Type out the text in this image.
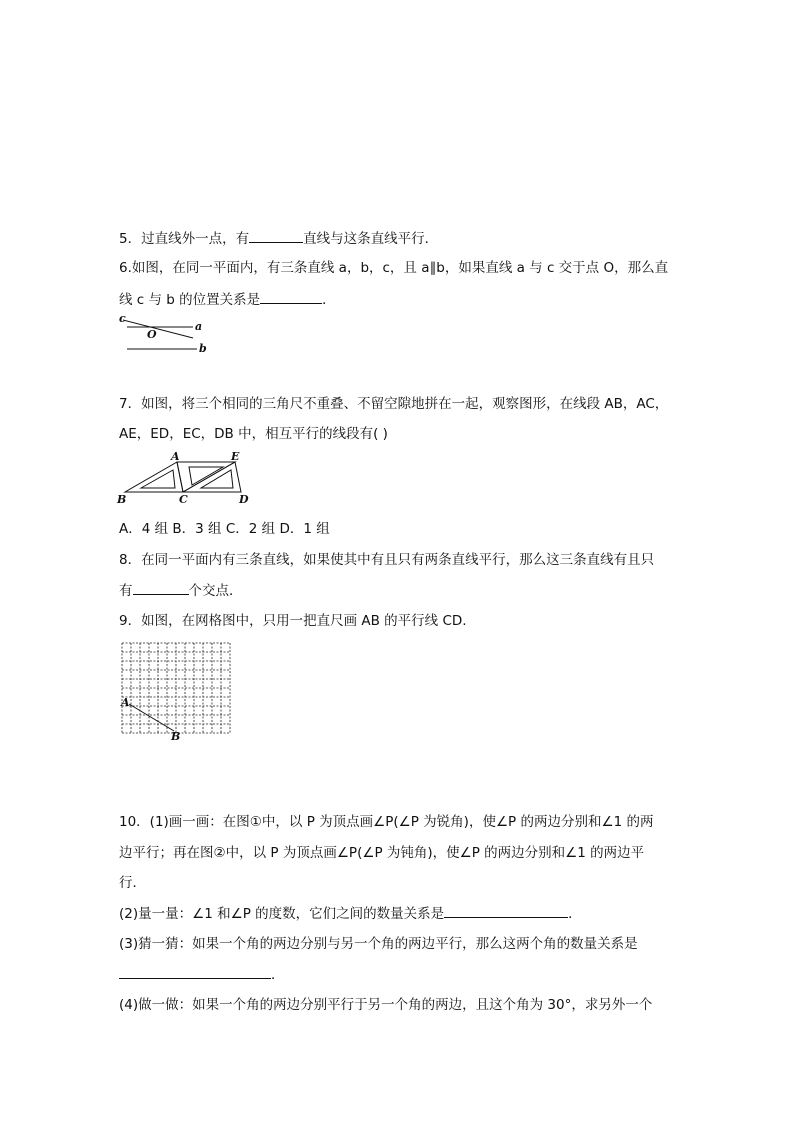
5．过直线外一点，有	直线与这条直线平行．
6.如图，在同一平面内，有三条直线 a，b，c，且 a∥b，如果直线 a 与 c 交于点 O，那么直
线 c 与 b 的位置关系是	．
c
a
O
b
7．如图，将三个相同的三角尺不重叠、不留空隙地拼在一起，观察图形，在线段 AB，AC，
AE，ED，EC，DB 中，相互平行的线段有( )
A	E
B	C	D
A．4 组 B．3 组 C．2 组 D．1 组
8．在同一平面内有三条直线，如果使其中有且只有两条直线平行，那么这三条直线有且只
有	个交点．
9．如图，在网格图中，只用一把直尺画 AB 的平行线 CD.
A
B
10．(1)画一画：在图①中，以 P 为顶点画∠P(∠P 为锐角)，使∠P 的两边分别和∠1 的两
边平行；再在图②中，以 P 为顶点画∠P(∠P 为钝角)，使∠P 的两边分别和∠1 的两边平
行．
(2)量一量：∠1 和∠P 的度数，它们之间的数量关系是	．
(3)猜一猜：如果一个角的两边分别与另一个角的两边平行，那么这两个角的数量关系是
．
(4)做一做：如果一个角的两边分别平行于另一个角的两边，且这个角为 30°，求另外一个
